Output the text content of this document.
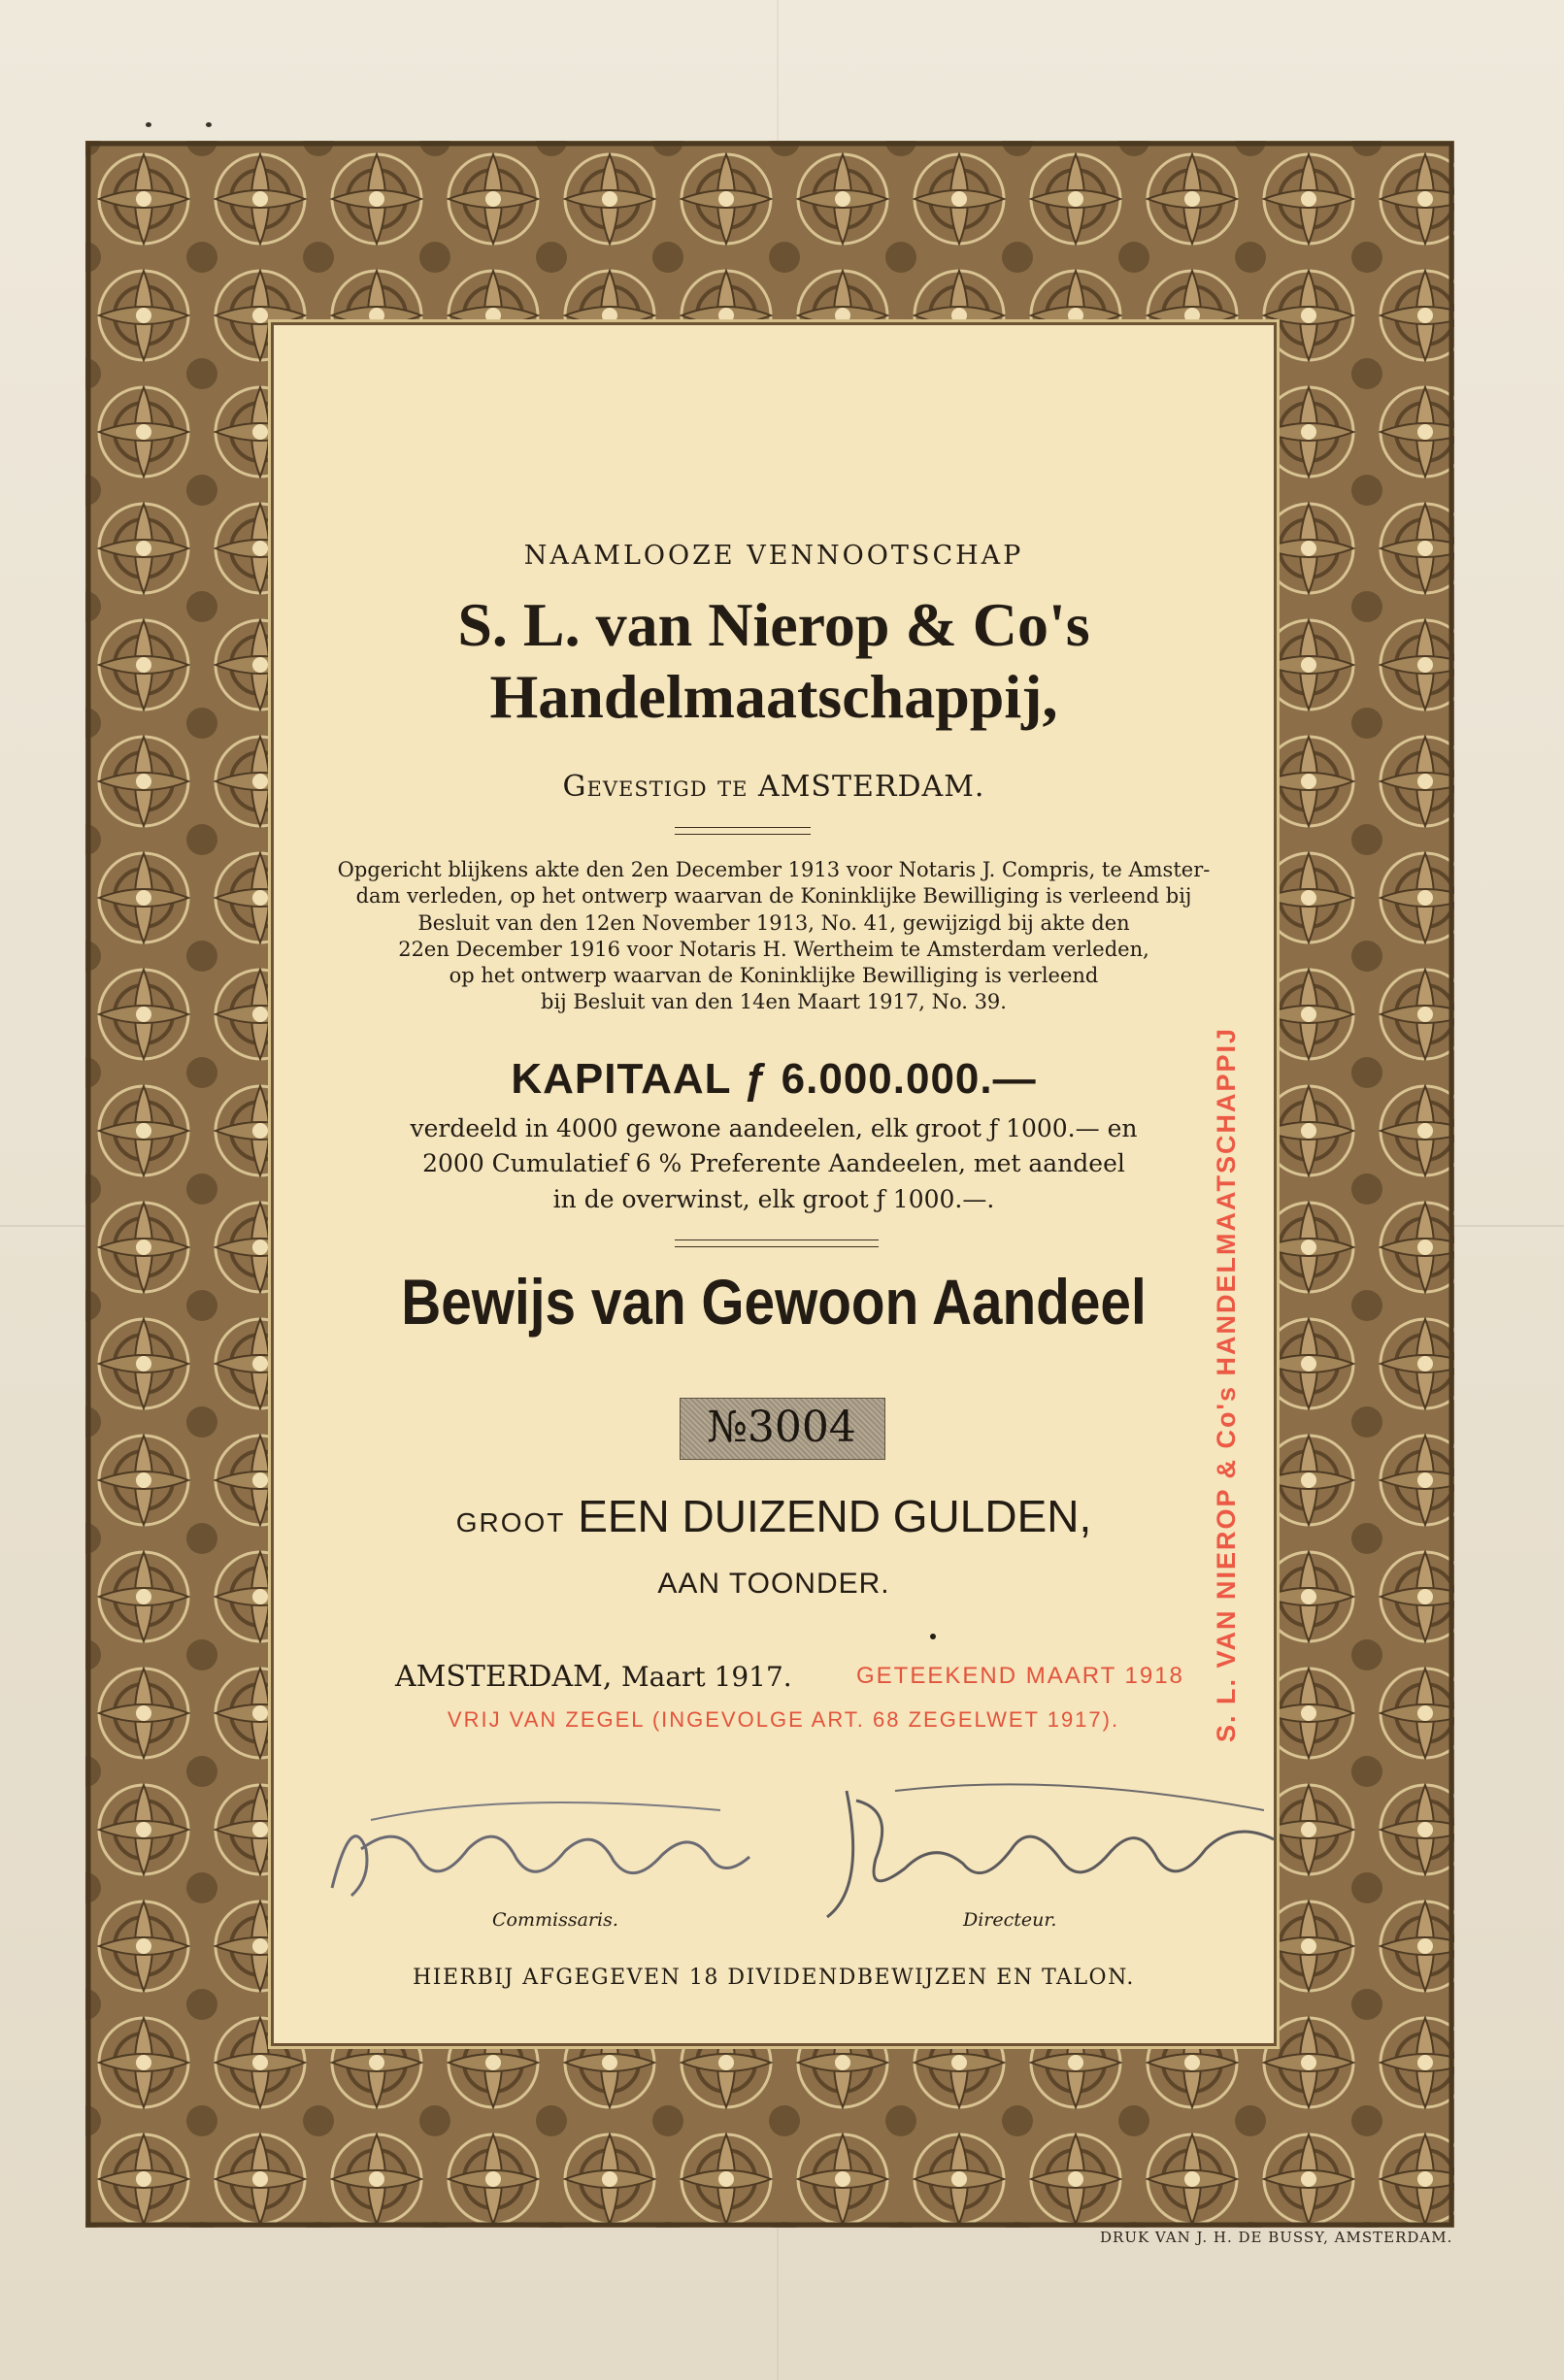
NAAMLOOZE VENNOOTSCHAP
S. L. van Nierop & Co's
Handelmaatschappij,
Gevestigd te AMSTERDAM.
Opgericht blijkens akte den 2en December 1913 voor Notaris J. Compris, te Amster-
dam verleden, op het ontwerp waarvan de Koninklijke Bewilliging is verleend bij
Besluit van den 12en November 1913, No. 41, gewijzigd bij akte den
22en December 1916 voor Notaris H. Wertheim te Amsterdam verleden,
op het ontwerp waarvan de Koninklijke Bewilliging is verleend
bij Besluit van den 14en Maart 1917, No. 39.
KAPITAAL ƒ 6.000.000.—
verdeeld in 4000 gewone aandeelen, elk groot ƒ 1000.— en
2000 Cumulatief 6 % Preferente Aandeelen, met aandeel
in de overwinst, elk groot ƒ 1000.—.
Bewijs van Gewoon Aandeel
№3004
GROOT EEN DUIZEND GULDEN,
AAN TOONDER.
AMSTERDAM, Maart 1917.	GETEEKEND MAART 1918
VRIJ VAN ZEGEL (INGEVOLGE ART. 68 ZEGELWET 1917).
Commissaris.	Directeur.
HIERBIJ AFGEGEVEN 18 DIVIDENDBEWIJZEN EN TALON.
S. L. VAN NIEROP & Co's HANDELMAATSCHAPPIJ
DRUK VAN J. H. DE BUSSY, AMSTERDAM.
